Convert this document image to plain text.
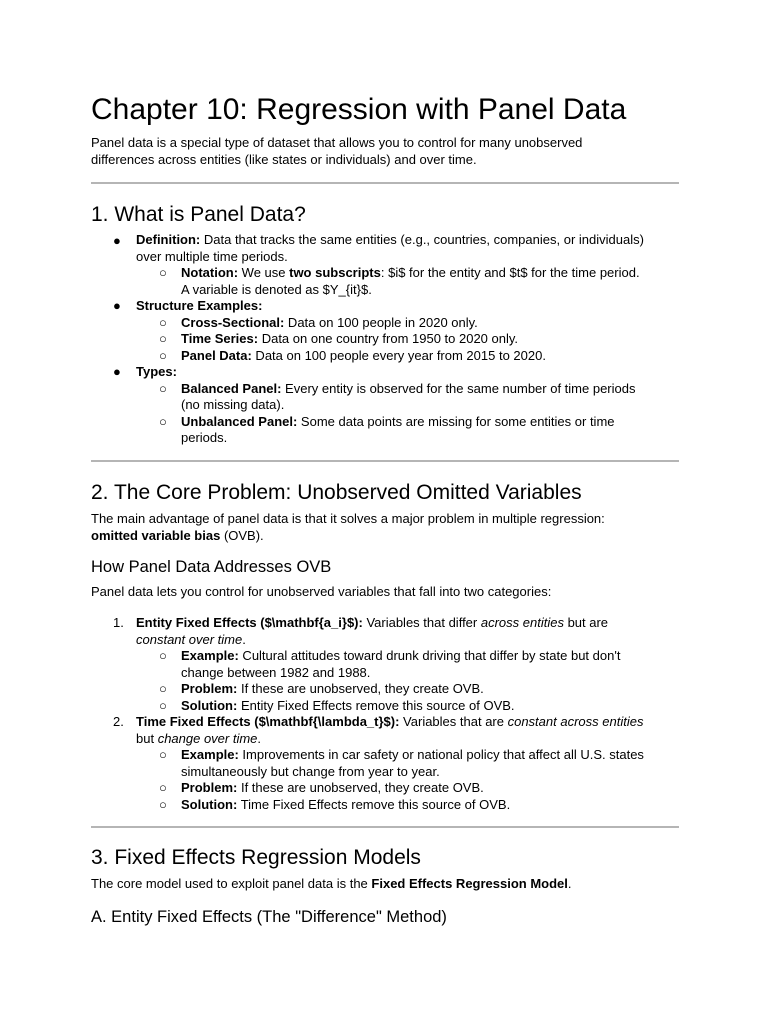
Chapter 10: Regression with Panel Data
Panel data is a special type of dataset that allows you to control for many unobserved
differences across entities (like states or individuals) and over time.
1. What is Panel Data?
● Definition: Data that tracks the same entities (e.g., countries, companies, or individuals)
over multiple time periods.
○ Notation: We use two subscripts: $i$ for the entity and $t$ for the time period.
A variable is denoted as $Y_{it}$.
● Structure Examples:
○ Cross-Sectional: Data on 100 people in 2020 only.
○ Time Series: Data on one country from 1950 to 2020 only.
○ Panel Data: Data on 100 people every year from 2015 to 2020.
● Types:
○ Balanced Panel: Every entity is observed for the same number of time periods
(no missing data).
○ Unbalanced Panel: Some data points are missing for some entities or time
periods.
2. The Core Problem: Unobserved Omitted Variables
The main advantage of panel data is that it solves a major problem in multiple regression:
omitted variable bias (OVB).
How Panel Data Addresses OVB
Panel data lets you control for unobserved variables that fall into two categories:
1. Entity Fixed Effects ($\mathbf{a_i}$): Variables that differ across entities but are
constant over time.
○ Example: Cultural attitudes toward drunk driving that differ by state but don't
change between 1982 and 1988.
○ Problem: If these are unobserved, they create OVB.
○ Solution: Entity Fixed Effects remove this source of OVB.
2. Time Fixed Effects ($\mathbf{\lambda_t}$): Variables that are constant across entities
but change over time.
○ Example: Improvements in car safety or national policy that affect all U.S. states
simultaneously but change from year to year.
○ Problem: If these are unobserved, they create OVB.
○ Solution: Time Fixed Effects remove this source of OVB.
3. Fixed Effects Regression Models
The core model used to exploit panel data is the Fixed Effects Regression Model.
A. Entity Fixed Effects (The "Difference" Method)
